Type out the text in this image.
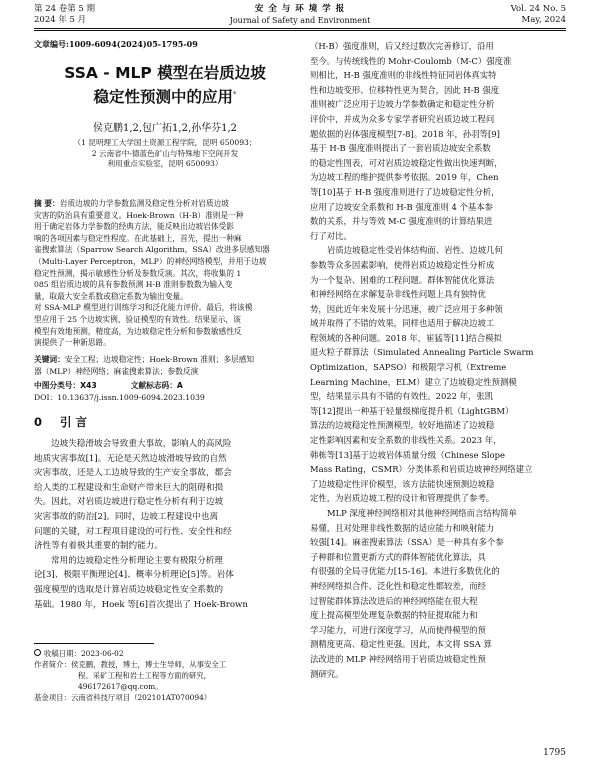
第 24 卷第 5 期
2024 年 5 月
安 全 与 环 境 学 报
Journal of Safety and Environment
Vol. 24 No. 5
May, 2024
文章编号:1009-6094(2024)05-1795-09
SSA - MLP 模型在岩质边坡
稳定性预测中的应用*
侯克鹏1,2,包广拓1,2,孙华芬1,2
（1 昆明理工大学国土资源工程学院，昆明 650093；
2 云南省中-德蓝色矿山与特殊地下空间开发
利用重点实验室，昆明 650093）
摘 要：岩质边坡的力学参数监测及稳定性分析对岩质边坡
灾害的防治具有重要意义。Hoek-Brown（H-B）准则是一种
用于确定岩体力学参数的经典方法，能反映出边坡岩体受影
响的各项因素与稳定性程度。在此基础上，首先，提出一种麻
雀搜索算法（Sparrow Search Algorithm，SSA）改进多层感知器
（Multi-Layer Perceptron，MLP）的神经网络模型，并用于边坡
稳定性预测，揭示敏感性分析及参数反演。其次，将收集的 1
085 组岩质边坡的具有参数预测 H-B 准则参数数为输入变
量，取最大安全系数或稳定系数为输出变量。
对 SSA-MLP 模型进行训练学习和泛化能力评价。最后，将该模
型应用于 25 个边坡实例，验证模型的有效性。结果显示，该
模型有效地预测，精度高，为边坡稳定性分析和参数敏感性反
演提供了一种新思路。
关键词：安全工程；边坡稳定性；Hoek-Brown 准则；多层感知
器（MLP）神经网络；麻雀搜索算法；参数反演
中图分类号：X43	文献标志码：A
DOI：10.13637/j.issn.1009-6094.2023.1039
0 引 言
边坡失稳滑坡会导致重大事故，影响人的高风险
地质灾害事故[1]。无论是天然边坡滑坡导致的自然
灾害事故，还是人工边坡导致的生产安全事故，都会
给人类的工程建设和生命财产带来巨大的阻碍和损
失。因此，对岩质边坡进行稳定性分析有利于边坡
灾害事故的防治[2]。同时，边坡工程建设中也离
问题的关键，对工程项目建设的可行性、安全性和经
济性等有着极其重要的制约能力。
常用的边坡稳定性分析理论主要有极限分析理
论[3]、极限平衡理论[4]、概率分析理论[5]等。岩体
强度模型的选取是计算岩质边坡稳定性安全系数的
基础。1980 年，Hoek 等[6]首次提出了 Hoek-Brown
收稿日期：2023-06-02
作者简介：侯克鹏，教授，博士，博士生导师，从事安全工
程、采矿工程和岩土工程等方面的研究，
496172617@qq.com。
基金项目：云南省科技厅项目（202101AT070094）
（H-B）强度准则，后又经过数次完善修订，沿用
至今。与传统线性的 Mohr-Coulomb（M-C）强度准
则相比，H-B 强度准则的非线性特征同岩体真实特
性和边坡变形、位移特性更为契合，因此 H-B 强度
准则被广泛应用于边坡力学参数确定和稳定性分析
评价中，并成为众多专家学者研究岩质边坡工程问
题依据的岩体强度模型[7-8]。2018 年，孙羽等[9]
基于 H-B 强度准则提出了一套岩质边坡安全系数
的稳定性图表，可对岩质边坡稳定性做出快速判断，
为边坡工程的维护提供参考依据。2019 年，Chen
等[10]基于 H-B 强度准则进行了边坡稳定性分析，
应用了边坡安全系数和 H-B 强度准则 4 个基本参
数的关系，并与等效 M-C 强度准则的计算结果进
行了对比。
岩质边坡稳定性受岩体结构面、岩性、边坡几何
参数等众多因素影响，使得岩质边坡稳定性分析成
为一个复杂、困难的工程问题。群体智能优化算法
和神经网络在求解复杂非线性问题上具有独特优
势，因此近年来发展十分迅速，被广泛应用于多种领
域并取得了不错的效果，同样也适用于解决边坡工
程领域的各种问题。2018 年，崔猛等[11]结合模拟
退火粒子群算法（Simulated Annealing Particle Swarm
Optimization，SAPSO）和极限学习机（Extreme
Learning Machine，ELM）建立了边坡稳定性预测模
型，结果显示具有不错的有效性。2022 年，张凯
等[12]提出一种基于轻量级梯度提升机（LightGBM）
算法的边坡稳定性预测模型，较好地描述了边坡稳
定性影响因素和安全系数的非线性关系。2023 年，
韩栋等[13]基于边坡岩体质量分级（Chinese Slope
Mass Rating，CSMR）分类体系和岩质边坡神经网络建立
了边坡稳定性评价模型，该方法能快速预测边坡稳
定性，为岩质边坡工程的设计和管理提供了参考。
MLP 深度神经网络相对其他神经网络而言结构简单
易懂，且对处理非线性数据的适应能力和映射能力
较强[14]。麻雀搜索算法（SSA）是一种具有多个参
子种群和位置更新方式的群体智能优化算法，具
有很强的全局寻优能力[15-16]。本进行多数优化的
神经网络拟合件、泛化性和稳定性都较差，而经
过智能群体算法改进后的神经网络能在很大程
度上提高模型处理复杂数据的特征提取能力和
学习能力，可进行深度学习，从而使得模型的预
测精度更高、稳定性更强。因此，本文将 SSA 算
法改进的 MLP 神经网络用于岩质边坡稳定性预
测研究。
1795
